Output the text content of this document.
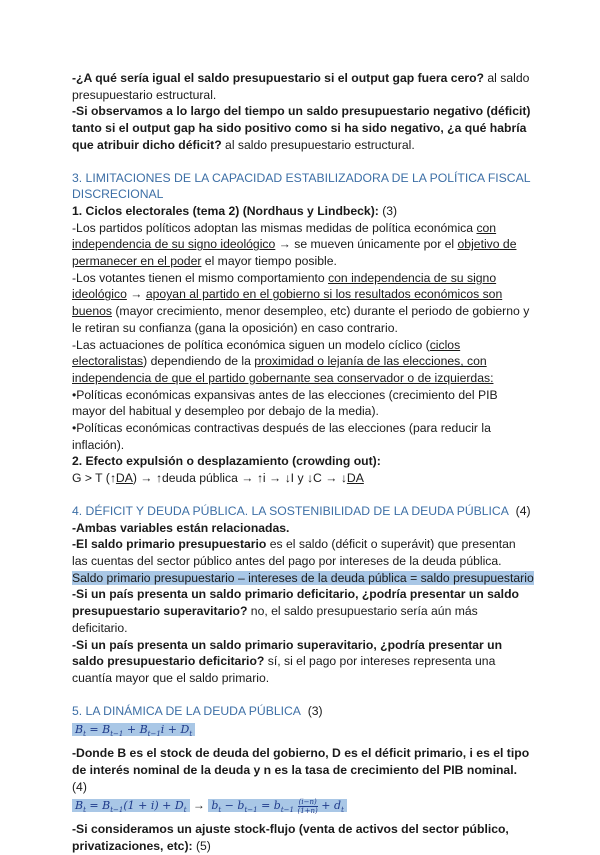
-¿A qué sería igual el saldo presupuestario si el output gap fuera cero? al saldo presupuestario estructural.

-Si observamos a lo largo del tiempo un saldo presupuestario negativo (déficit) tanto si el output gap ha sido positivo como si ha sido negativo, ¿a qué habría que atribuir dicho déficit? al saldo presupuestario estructural.

3. LIMITACIONES DE LA CAPACIDAD ESTABILIZADORA DE LA POLÍTICA FISCAL DISCRECIONAL

1. Ciclos electorales (tema 2) (Nordhaus y Lindbeck): (3)

-Los partidos políticos adoptan las mismas medidas de política económica con independencia de su signo ideológico → se mueven únicamente por el objetivo de permanecer en el poder el mayor tiempo posible.

-Los votantes tienen el mismo comportamiento con independencia de su signo ideológico → apoyan al partido en el gobierno si los resultados económicos son buenos (mayor crecimiento, menor desempleo, etc) durante el periodo de gobierno y le retiran su confianza (gana la oposición) en caso contrario.

-Las actuaciones de política económica siguen un modelo cíclico (ciclos electoralistas) dependiendo de la proximidad o lejanía de las elecciones, con independencia de que el partido gobernante sea conservador o de izquierdas:

•Políticas económicas expansivas antes de las elecciones (crecimiento del PIB mayor del habitual y desempleo por debajo de la media).

•Políticas económicas contractivas después de las elecciones (para reducir la inflación).

2. Efecto expulsión o desplazamiento (crowding out):

G > T (↑DA) → ↑deuda pública → ↑i → ↓I y ↓C → ↓DA

4. DÉFICIT Y DEUDA PÚBLICA. LA SOSTENIBILIDAD DE LA DEUDA PÚBLICA (4)

-Ambas variables están relacionadas.

-El saldo primario presupuestario es el saldo (déficit o superávit) que presentan las cuentas del sector público antes del pago por intereses de la deuda pública.

Saldo primario presupuestario – intereses de la deuda pública = saldo presupuestario

-Si un país presenta un saldo primario deficitario, ¿podría presentar un saldo presupuestario superavitario? no, el saldo presupuestario sería aún más deficitario.

-Si un país presenta un saldo primario superavitario, ¿podría presentar un saldo presupuestario deficitario? sí, si el pago por intereses representa una cuantía mayor que el saldo primario.

5. LA DINÁMICA DE LA DEUDA PÚBLICA (3)

$B_t = B_{t-1} + B_{t-1}i + D_t$

-Donde B es el stock de deuda del gobierno, D es el déficit primario, i es el tipo de interés nominal de la deuda y n es la tasa de crecimiento del PIB nominal. (4)

$B_t = B_{t-1}(1 + i) + D_t \to b_t - b_{t-1} = b_{t-1} \frac{(i-n)}{(1+n)} + d_t$

-Si consideramos un ajuste stock-flujo (venta de activos del sector público, privatizaciones, etc): (5)
